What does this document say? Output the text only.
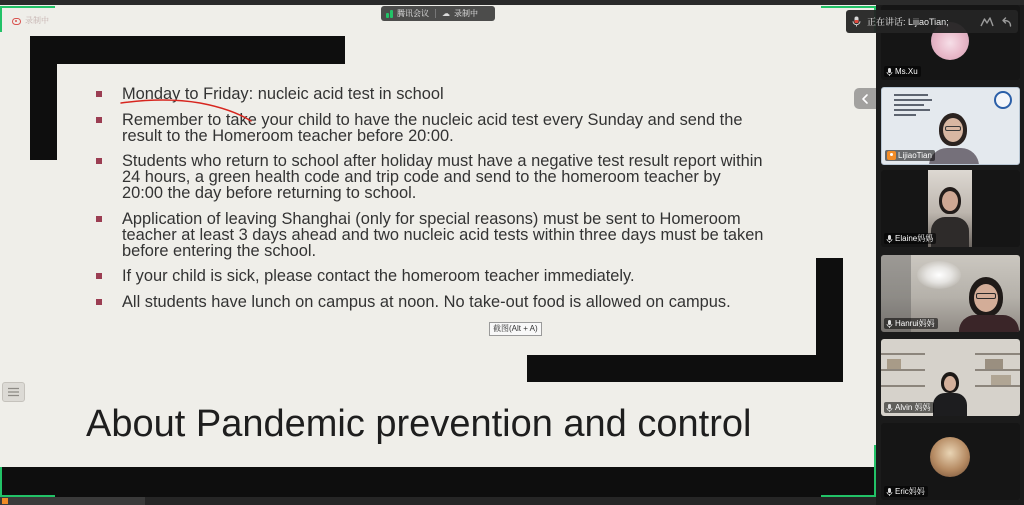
录制中
Monday to Friday: nucleic acid test in school
Remember to take your child to have the nucleic acid test every Sunday and send the
result to the Homeroom teacher before 20:00.
Students who return to school after holiday must have a negative test result report within
24 hours, a green health code and trip code and send to the homeroom teacher by
20:00 the day before returning to school.
Application of leaving Shanghai (only for special reasons) must be sent to Homeroom
teacher at least 3 days ahead and two nucleic acid tests within three days must be taken
before entering the school.
If your child is sick, please contact the homeroom teacher immediately.
All students have lunch on campus at noon. No take-out food is allowed on campus.
About Pandemic prevention and control
截图(Alt + A)
腾讯会议 ☁ 录制中
正在讲话: LijiaoTian;
Ms.Xu
LijiaoTian
Elaine妈妈
Hanrui妈妈
Alvin 妈妈
Eric妈妈
